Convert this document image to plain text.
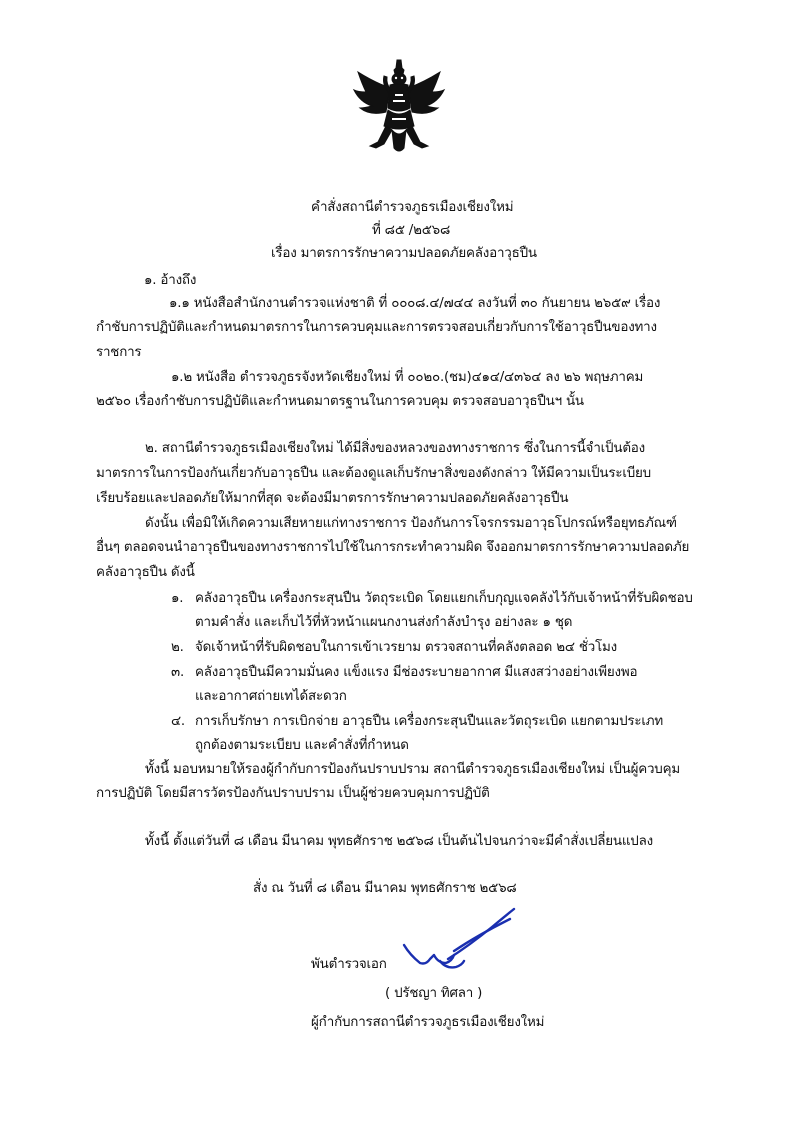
คำสั่งสถานีตำรวจภูธรเมืองเชียงใหม่
ที่ ๘๕ /๒๕๖๘
เรื่อง มาตรการรักษาความปลอดภัยคลังอาวุธปืน
๑. อ้างถึง
๑.๑ หนังสือสำนักงานตำรวจแห่งชาติ ที่ ๐๐๐๘.๔/๗๔๔ ลงวันที่ ๓๐ กันยายน ๒๖๕๙ เรื่อง
กำชับการปฏิบัติและกำหนดมาตรการในการควบคุมและการตรวจสอบเกี่ยวกับการใช้อาวุธปืนของทาง
ราชการ
๑.๒ หนังสือ ตำรวจภูธรจังหวัดเชียงใหม่ ที่ ๐๐๒๐.(ชม)๔๑๔/๔๓๖๔ ลง ๒๖ พฤษภาคม
๒๕๖๐ เรื่องกำชับการปฏิบัติและกำหนดมาตรฐานในการควบคุม ตรวจสอบอาวุธปืนฯ นั้น
๒. สถานีตำรวจภูธรเมืองเชียงใหม่ ได้มีสิ่งของหลวงของทางราชการ ซึ่งในการนี้จำเป็นต้อง
มาตรการในการป้องกันเกี่ยวกับอาวุธปืน และต้องดูแลเก็บรักษาสิ่งของดังกล่าว ให้มีความเป็นระเบียบ
เรียบร้อยและปลอดภัยให้มากที่สุด จะต้องมีมาตรการรักษาความปลอดภัยคลังอาวุธปืน
ดังนั้น เพื่อมิให้เกิดความเสียหายแก่ทางราชการ ป้องกันการโจรกรรมอาวุธโปกรณ์หรือยุทธภัณฑ์
อื่นๆ ตลอดจนนำอาวุธปืนของทางราชการไปใช้ในการกระทำความผิด จึงออกมาตรการรักษาความปลอดภัย
คลังอาวุธปืน ดังนี้
๑. คลังอาวุธปืน เครื่องกระสุนปืน วัตถุระเบิด โดยแยกเก็บกุญแจคลังไว้กับเจ้าหน้าที่รับผิดชอบ
ตามคำสั่ง และเก็บไว้ที่หัวหน้าแผนกงานส่งกำลังบำรุง อย่างละ ๑ ชุด
๒. จัดเจ้าหน้าที่รับผิดชอบในการเข้าเวรยาม ตรวจสถานที่คลังตลอด ๒๔ ชั่วโมง
๓. คลังอาวุธปืนมีความมั่นคง แข็งแรง มีช่องระบายอากาศ มีแสงสว่างอย่างเพียงพอ
และอากาศถ่ายเทได้สะดวก
๔. การเก็บรักษา การเบิกจ่าย อาวุธปืน เครื่องกระสุนปืนและวัตถุระเบิด แยกตามประเภท
ถูกต้องตามระเบียบ และคำสั่งที่กำหนด
ทั้งนี้ มอบหมายให้รองผู้กำกับการป้องกันปราบปราม สถานีตำรวจภูธรเมืองเชียงใหม่ เป็นผู้ควบคุม
การปฏิบัติ โดยมีสารวัตรป้องกันปราบปราม เป็นผู้ช่วยควบคุมการปฏิบัติ
ทั้งนี้ ตั้งแต่วันที่ ๘ เดือน มีนาคม พุทธศักราช ๒๕๖๘ เป็นต้นไปจนกว่าจะมีคำสั่งเปลี่ยนแปลง
สั่ง ณ วันที่ ๘ เดือน มีนาคม พุทธศักราช ๒๕๖๘
พันตำรวจเอก
( ปรัชญา ทิศลา )
ผู้กำกับการสถานีตำรวจภูธรเมืองเชียงใหม่
